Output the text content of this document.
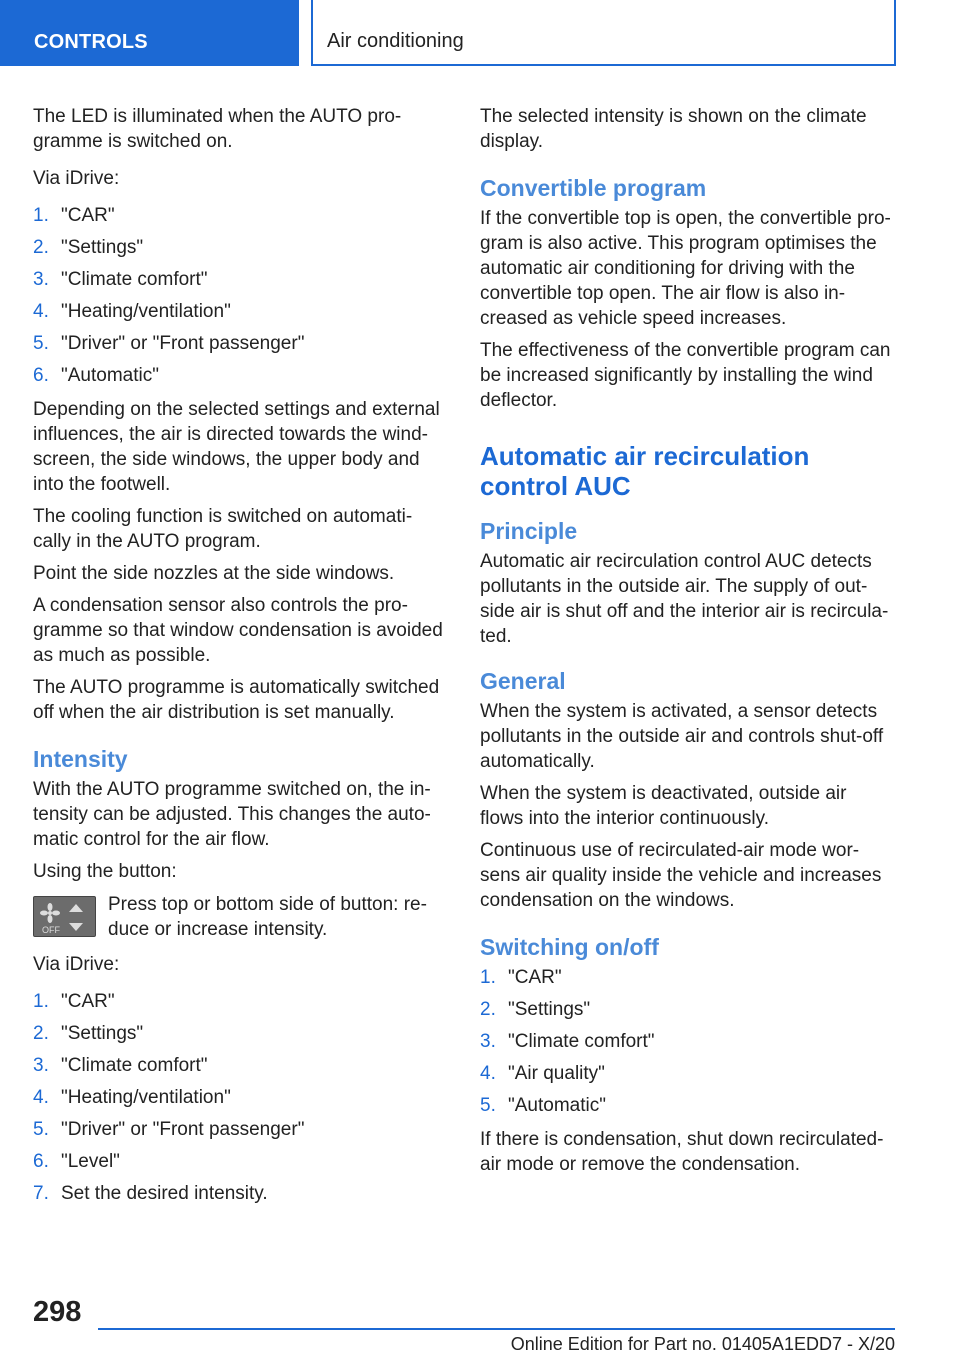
CONTROLS	Air conditioning

The LED is illuminated when the AUTO pro-gramme is switched on.

Via iDrive:

1. "CAR"
2. "Settings"
3. "Climate comfort"
4. "Heating/ventilation"
5. "Driver" or "Front passenger"
6. "Automatic"

Depending on the selected settings and external influences, the air is directed towards the wind-screen, the side windows, the upper body and into the footwell.

The cooling function is switched on automati-cally in the AUTO program.

Point the side nozzles at the side windows.

A condensation sensor also controls the pro-gramme so that window condensation is avoided as much as possible.

The AUTO programme is automatically switched off when the air distribution is set manually.

Intensity

With the AUTO programme switched on, the in-tensity can be adjusted. This changes the auto-matic control for the air flow.

Using the button:

OFF
Press top or bottom side of button: re-duce or increase intensity.

Via iDrive:

1. "CAR"
2. "Settings"
3. "Climate comfort"
4. "Heating/ventilation"
5. "Driver" or "Front passenger"
6. "Level"
7. Set the desired intensity.

The selected intensity is shown on the climate display.

Convertible program

If the convertible top is open, the convertible pro-gram is also active. This program optimises the automatic air conditioning for driving with the convertible top open. The air flow is also in-creased as vehicle speed increases.

The effectiveness of the convertible program can be increased significantly by installing the wind deflector.

Automatic air recirculation control AUC
Principle

Automatic air recirculation control AUC detects pollutants in the outside air. The supply of out-side air is shut off and the interior air is recircula-ted.

General

When the system is activated, a sensor detects pollutants in the outside air and controls shut-off automatically.

When the system is deactivated, outside air flows into the interior continuously.

Continuous use of recirculated-air mode wor-sens air quality inside the vehicle and increases condensation on the windows.

Switching on/off
1. "CAR"
2. "Settings"
3. "Climate comfort"
4. "Air quality"
5. "Automatic"

If there is condensation, shut down recirculated-air mode or remove the condensation.

298
Online Edition for Part no. 01405A1EDD7 - X/20
